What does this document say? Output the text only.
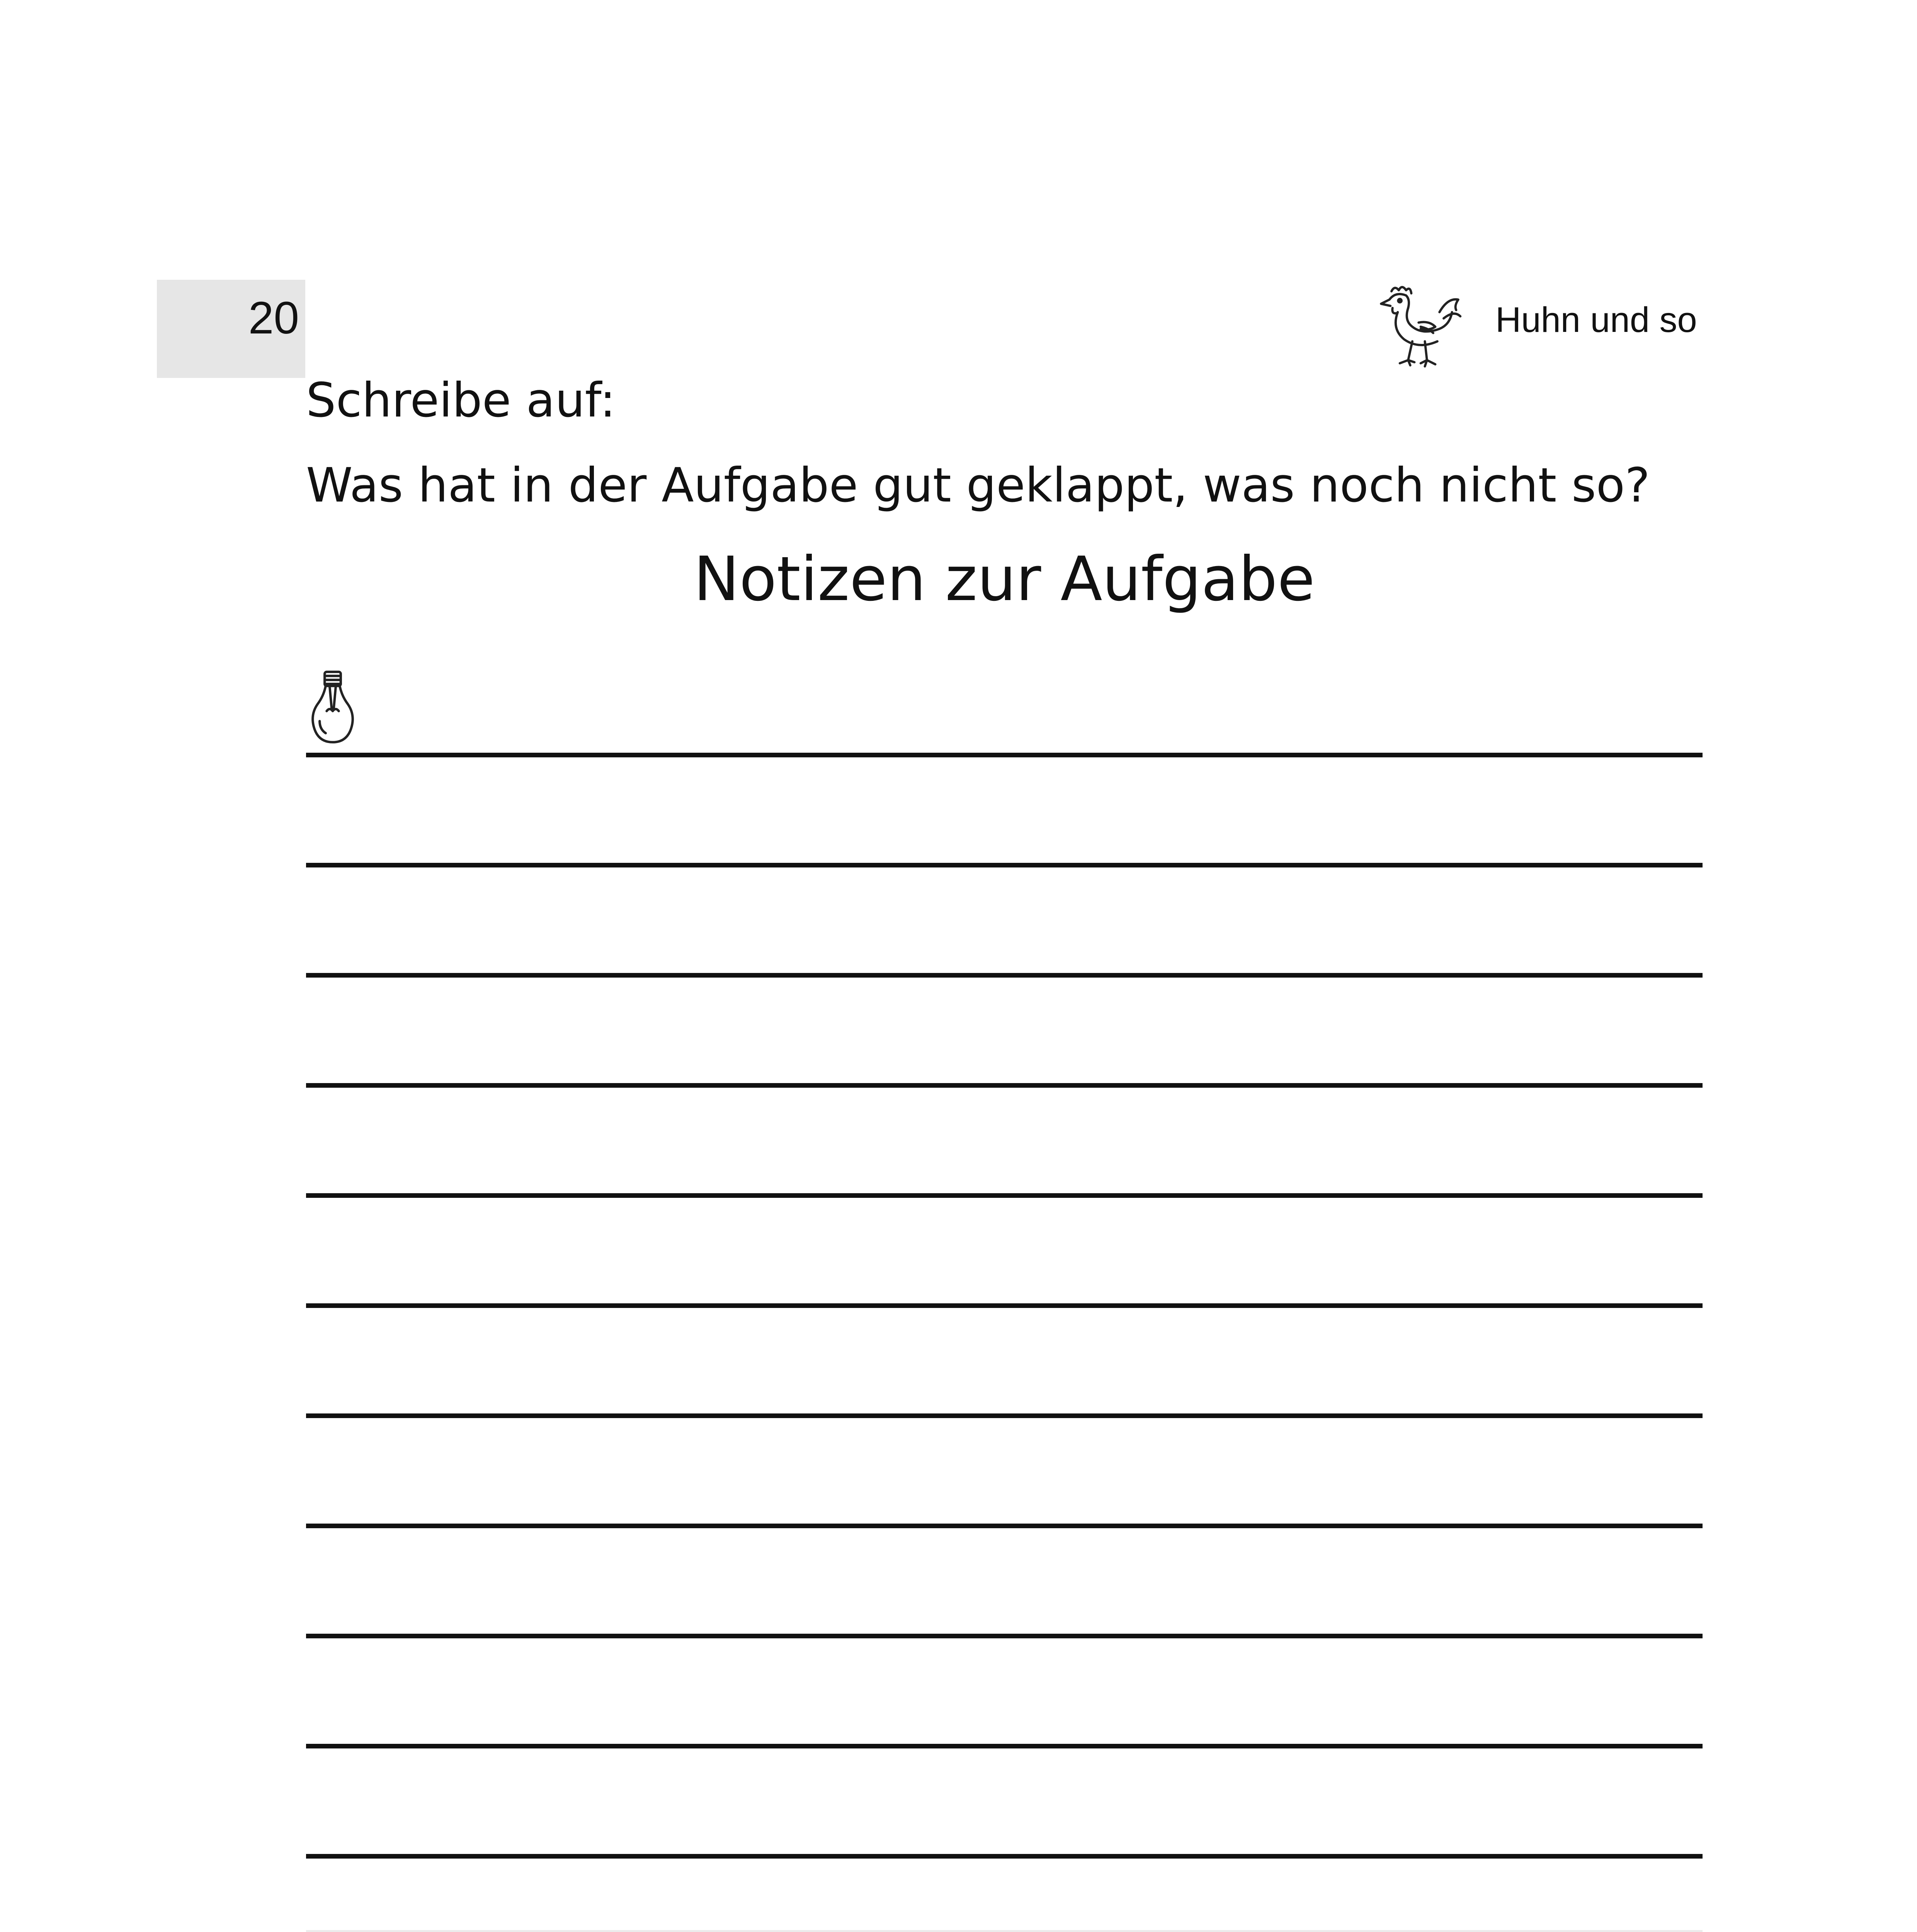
20	Huhn und so
Schreibe auf:
Was hat in der Aufgabe gut geklappt, was noch nicht so?
Notizen zur Aufgabe
